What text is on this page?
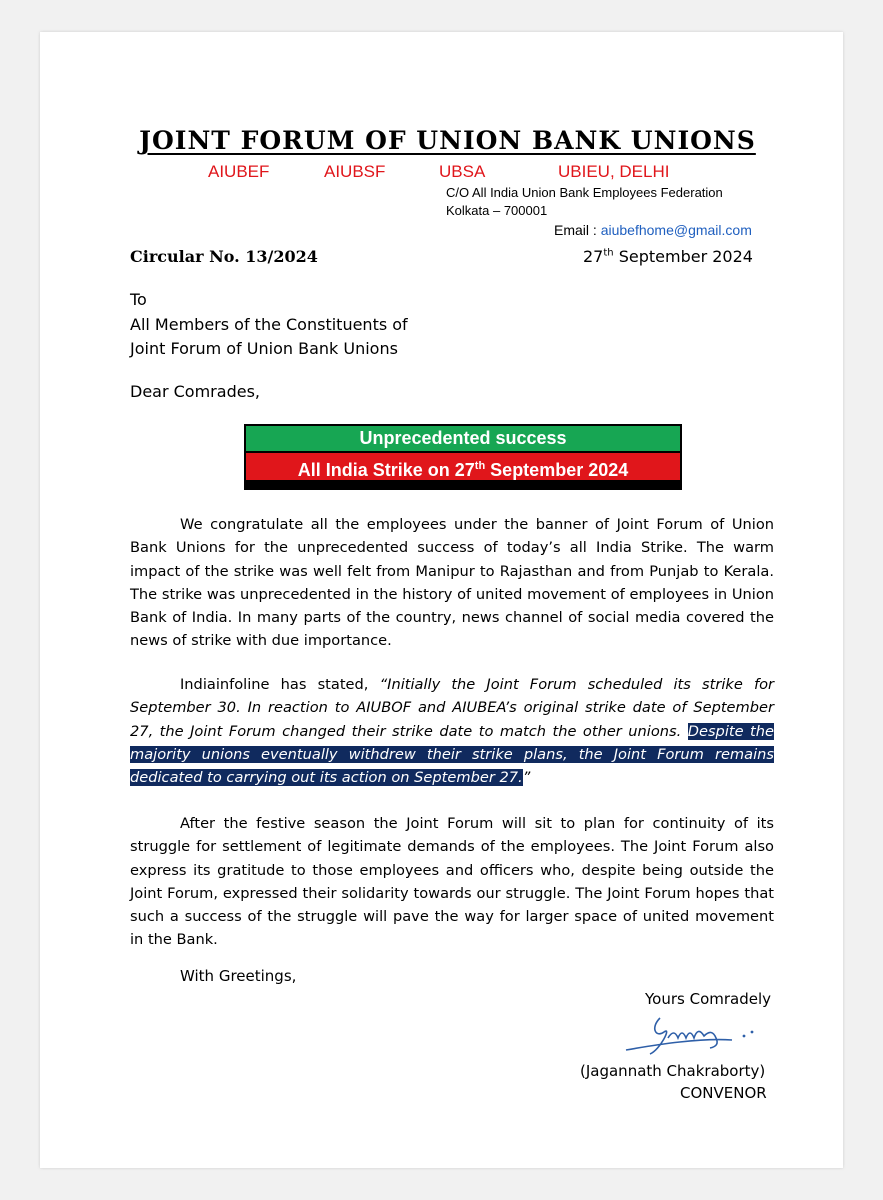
JOINT FORUM OF UNION BANK UNIONS
AIUBEF	AIUBSF	UBSA	UBIEU, DELHI
C/O All India Union Bank Employees Federation
Kolkata – 700001
Email : aiubefhome@gmail.com
Circular No. 13/2024	27th September 2024
To
All Members of the Constituents of
Joint Forum of Union Bank Unions
Dear Comrades,
Unprecedented success
All India Strike on 27th September 2024
We congratulate all the employees under the banner of Joint Forum of Union Bank Unions for the unprecedented success of today’s all India Strike. The warm impact of the strike was well felt from Manipur to Rajasthan and from Punjab to Kerala. The strike was unprecedented in the history of united movement of employees in Union Bank of India. In many parts of the country, news channel of social media covered the news of strike with due importance.
Indiainfoline has stated, “Initially the Joint Forum scheduled its strike for September 30. In reaction to AIUBOF and AIUBEA’s original strike date of September 27, the Joint Forum changed their strike date to match the other unions. Despite the majority unions eventually withdrew their strike plans, the Joint Forum remains dedicated to carrying out its action on September 27.”
After the festive season the Joint Forum will sit to plan for continuity of its struggle for settlement of legitimate demands of the employees. The Joint Forum also express its gratitude to those employees and officers who, despite being outside the Joint Forum, expressed their solidarity towards our struggle. The Joint Forum hopes that such a success of the struggle will pave the way for larger space of united movement in the Bank.
With Greetings,
Yours Comradely
(Jagannath Chakraborty)
CONVENOR
